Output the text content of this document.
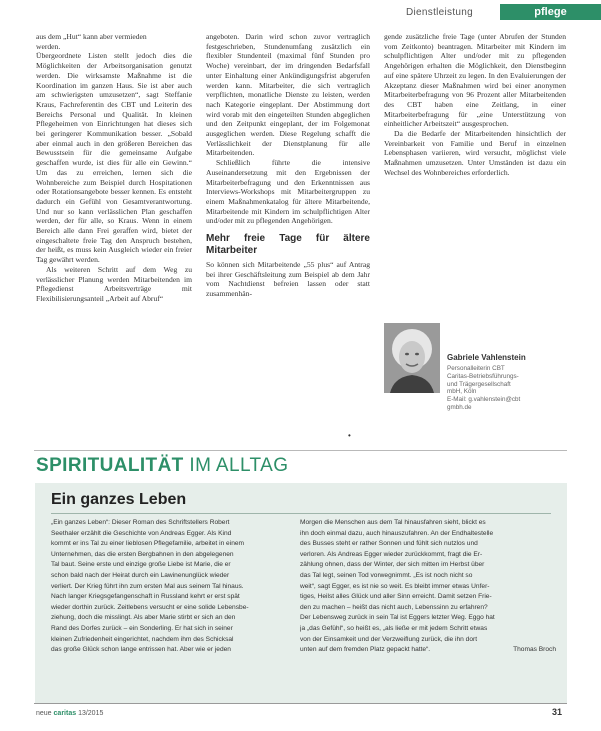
Dienstleistung	pflege

aus dem „Hut“ kann aber vermieden

werden.

Übergeordnete Listen stellt jedoch dies die Möglichkeiten der Arbeitsorganisation genutzt werden. Die wirksamste Maßnahme ist die Koordination im ganzen Haus. Sie ist aber auch am schwierigsten umzusetzen“, sagt Steffanie Kraus, Fachreferentin des CBT und Leiterin des Bereichs Personal und Qualität. In kleinen Pflegeheimen von Einrichtungen hat dieses sich bei geringerer Kommunikation besser. „Sobald aber einmal auch in den größeren Bereichen das Bewusstsein für die gemeinsame Aufgabe geschaffen wurde, ist dies für alle ein Gewinn.“ Um das zu erreichen, lernen sich die Wohnbereiche zum Beispiel durch Hospitationen oder Rotationsangebote besser kennen. Es entsteht dadurch ein Gefühl von Gesamtverantwortung. Und nur so kann verlässlichen Plan geschaffen werden, der für alle, so Kraus. Wenn in einem Bereich alle dann Frei geraffen wird, bietet der eingeschaltete freie Tag den Anspruch bestehen, der heißt, es muss kein Ausgleich wieder ein freier Tag gewährt werden.

Als weiteren Schritt auf dem Weg zu verlässlicher Planung werden Mitarbeitenden im Pflegedienst Arbeitsverträge mit Flexibilisierungsanteil „Arbeit auf Abruf“

angeboten. Darin wird schon zuvor vertraglich festgeschrieben, Stundenumfang zusätzlich ein flexibler Stundenteil (maximal fünf Stunden pro Woche) vereinbart, der im dringenden Bedarfsfall unter Einhaltung einer Ankündigungsfrist abgerufen werden kann. Mitarbeiter, die sich vertraglich verpflichten, monatliche Dienste zu leisten, werden nach Kategorie eingeplant. Der Abstimmung dort wird vorab mit den eingeteilten Stunden abgeglichen und den Zeitpunkt eingeplant, der im Folgemonat ausgeglichen werden. Diese Regelung schafft die Verlässlichkeit der Dienstplanung für alle Mitarbeitenden.

Schließlich führte die intensive Auseinandersetzung mit den Ergebnissen der Mitarbeiterbefragung und den Erkenntnissen aus Interviews-Workshops mit Mitarbeitergruppen zu einem Maßnahmenkatalog für ältere Mitarbeitende, Mitarbeitende mit Kindern im schulpflichtigen Alter und/oder mit zu pflegenden Angehörigen.

Mehr freie Tage für ältere Mitarbeiter

So können sich Mitarbeitende „55 plus“ auf Antrag bei ihrer Geschäftsleitung zum Beispiel ab dem Jahr vom Nachtdienst befreien lassen oder statt zusammenhän-

gende zusätzliche freie Tage (unter Abrufen der Stunden vom Zeitkonto) beantragen. Mitarbeiter mit Kindern im schulpflichtigen Alter und/oder mit zu pflegenden Angehörigen erhalten die Möglichkeit, den Dienstbeginn auf eine spätere Uhrzeit zu legen. In den Evaluierungen der Akzeptanz dieser Maßnahmen wird bei einer anonymen Mitarbeiterbefragung von 96 Prozent aller Mitarbeitenden des CBT haben eine Zeitlang, in einer Mitarbeiterbefragung für „eine Unterstützung von einheitlicher Arbeitszeit“ ausgesprochen.

Da die Bedarfe der Mitarbeitenden hinsichtlich der Vereinbarkeit von Familie und Beruf in einzelnen Lebensphasen variieren, wird versucht, möglichst viele Maßnahmen umzusetzen. Unter Umständen ist dazu ein Wechsel des Wohnbereiches erforderlich.

Gabriele Vahlenstein
Personalleiterin CBT
Caritas-Betriebsführungs-
und Trägergesellschaft
mbH, Köln
E-Mail: g.vahlenstein@cbt
gmbh.de
•
SPIRITUALITÄT IM ALLTAG
Ein ganzes Leben
„Ein ganzes Leben“: Dieser Roman des Schriftstellers Robert
Seethaler erzählt die Geschichte von Andreas Egger. Als Kind
kommt er ins Tal zu einer lieblosen Pflegefamilie, arbeitet in einem
Unternehmen, das die ersten Bergbahnen in den abgelegenen
Tal baut. Seine erste und einzige große Liebe ist Marie, die er
schon bald nach der Heirat durch ein Lawinenunglück wieder
verliert. Der Krieg führt ihn zum ersten Mal aus seinem Tal hinaus.
Nach langer Kriegsgefangenschaft in Russland kehrt er erst spät
wieder dorthin zurück. Zeitlebens versucht er eine solide Lebensbe-
ziehung, doch die misslingt. Als aber Marie stirbt er sich an den
Rand des Dorfes zurück – ein Sonderling. Er hat sich in seiner
kleinen Zufriedenheit eingerichtet, nachdem ihm des Schicksal
das große Glück schon lange entrissen hat. Aber wie er jeden
Morgen die Menschen aus dem Tal hinausfahren sieht, blickt es
ihn doch einmal dazu, auch hinauszufahren. An der Endhaltestelle
des Busses steht er rather Sonnen und fühlt sich nutzlos und
verloren. Als Andreas Egger wieder zurückkommt, fragt die Er-
zählung ohnen, dass der Winter, der sich mitten im Herbst über
das Tal legt, seinen Tod vorwegnimmt. „Es ist noch nicht so
weit“, sagt Egger, es ist nie so weit. Es bleibt immer etwas Unfer-
tiges, Heilst alles Glück und aller Sinn erreicht. Damit setzen Frie-
den zu machen – heißt das nicht auch, Lebenssinn zu erfahren?
Der Lebensweg zurück in sein Tal ist Eggers letzter Weg. Eggo hat
ja „das Gefühl“, so heißt es, „als ließe er mit jedem Schritt etwas
von der Einsamkeit und der Verzweiflung zurück, die ihn dort
unten auf dem fremden Platz gepackt hatte“.	Thomas Broch
neue caritas 13/2015	31
